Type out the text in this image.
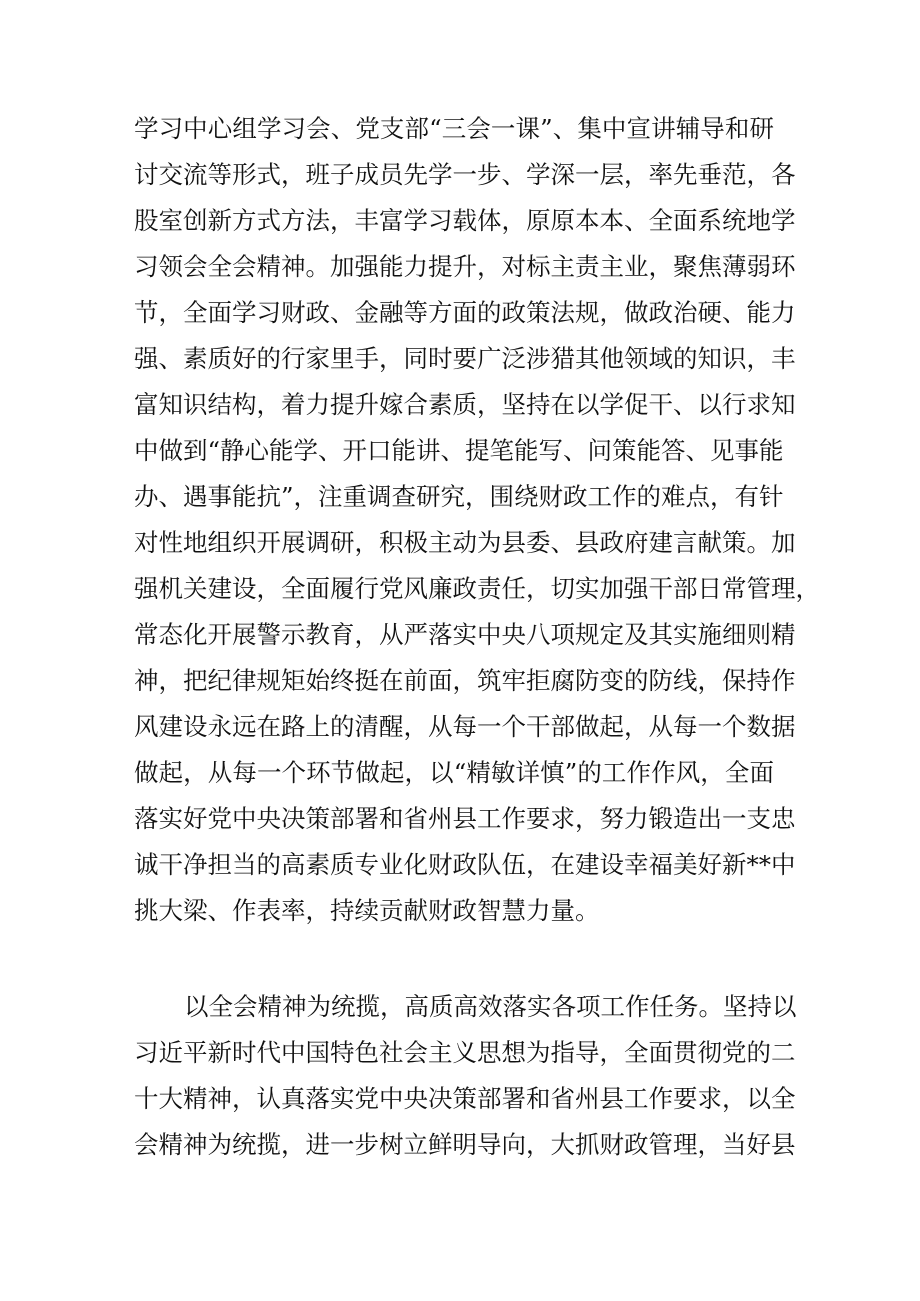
学习中心组学习会、党支部“三会一课”、集中宣讲辅导和研
讨交流等形式，班子成员先学一步、学深一层，率先垂范，各
股室创新方式方法，丰富学习载体，原原本本、全面系统地学
习领会全会精神。加强能力提升，对标主责主业，聚焦薄弱环
节，全面学习财政、金融等方面的政策法规，做政治硬、能力
强、素质好的行家里手，同时要广泛涉猎其他领域的知识，丰
富知识结构，着力提升嫁合素质，坚持在以学促干、以行求知
中做到“静心能学、开口能讲、提笔能写、问策能答、见事能
办、遇事能抗”，注重调查研究，围绕财政工作的难点，有针
对性地组织开展调研，积极主动为县委、县政府建言献策。加
强机关建设，全面履行党风廉政责任，切实加强干部日常管理，
常态化开展警示教育，从严落实中央八项规定及其实施细则精
神，把纪律规矩始终挺在前面，筑牢拒腐防变的防线，保持作
风建设永远在路上的清醒，从每一个干部做起，从每一个数据
做起，从每一个环节做起，以“精敏详慎”的工作作风，全面
落实好党中央决策部署和省州县工作要求，努力锻造出一支忠
诚干净担当的高素质专业化财政队伍，在建设幸福美好新**中
挑大梁、作表率，持续贡献财政智慧力量。
以全会精神为统揽，高质高效落实各项工作任务。坚持以
习近平新时代中国特色社会主义思想为指导，全面贯彻党的二
十大精神，认真落实党中央决策部署和省州县工作要求，以全
会精神为统揽，进一步树立鲜明导向，大抓财政管理，当好县
